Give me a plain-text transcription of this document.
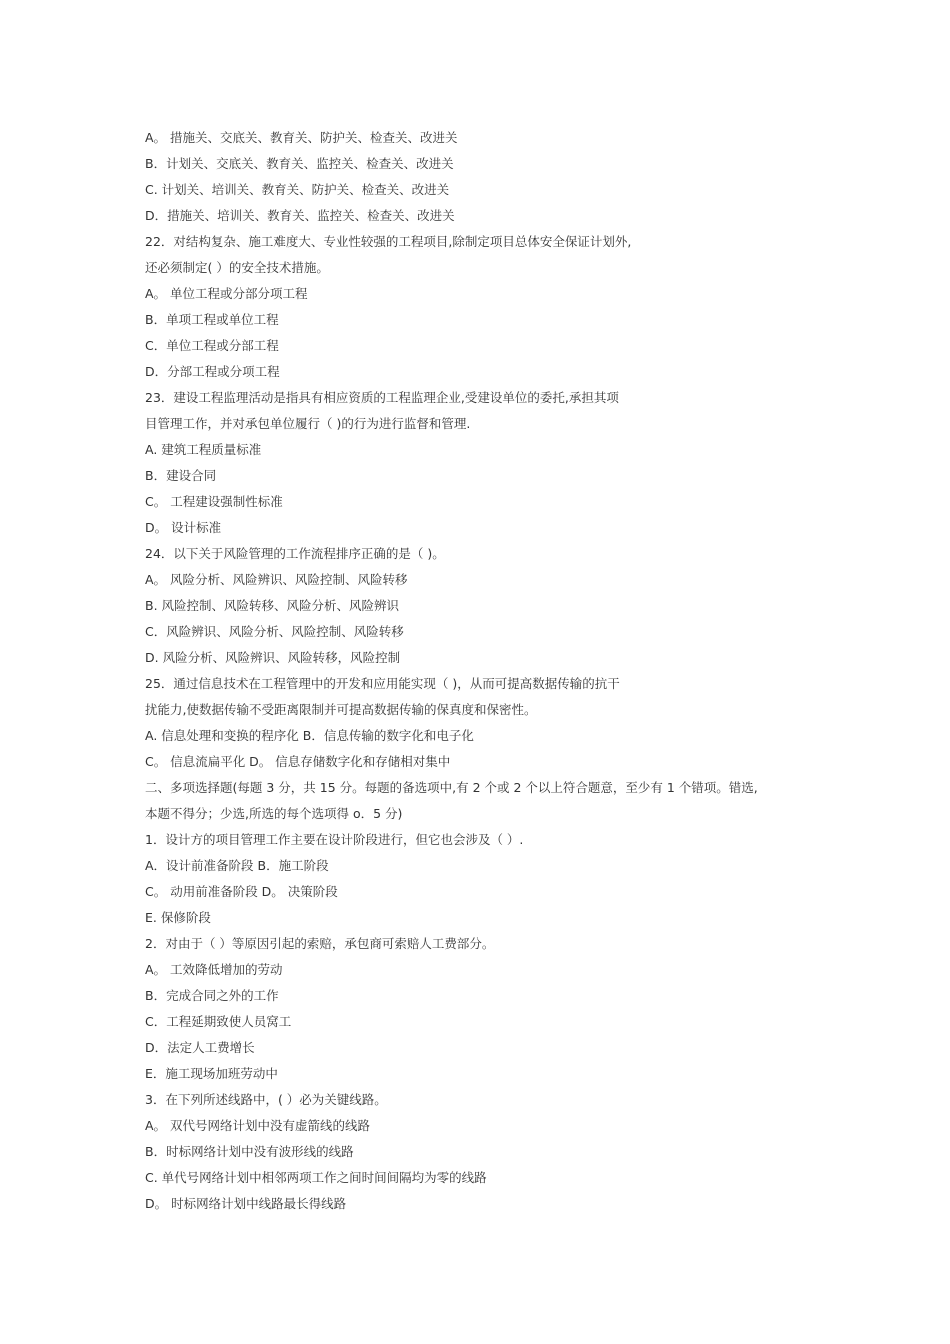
A。 措施关、交底关、教育关、防护关、检查关、改进关
B．计划关、交底关、教育关、监控关、检查关、改进关
C. 计划关、培训关、教育关、防护关、检查关、改进关
D．措施关、培训关、教育关、监控关、检查关、改进关
22．对结构复杂、施工难度大、专业性较强的工程项目,除制定项目总体安全保证计划外,
还必须制定( ）的安全技术措施。
A。 单位工程或分部分项工程
B．单项工程或单位工程
C．单位工程或分部工程
D．分部工程或分项工程
23．建设工程监理活动是指具有相应资质的工程监理企业,受建设单位的委托,承担其项
目管理工作，并对承包单位履行（ )的行为进行监督和管理.
A. 建筑工程质量标准
B．建设合同
C。 工程建设强制性标准
D。 设计标准
24．以下关于风险管理的工作流程排序正确的是（ )。
A。 风险分析、风险辨识、风险控制、风险转移
B. 风险控制、风险转移、风险分析、风险辨识
C．风险辨识、风险分析、风险控制、风险转移
D. 风险分析、风险辨识、风险转移，风险控制
25．通过信息技术在工程管理中的开发和应用能实现（ )，从而可提高数据传输的抗干
扰能力,使数据传输不受距离限制并可提高数据传输的保真度和保密性。
A. 信息处理和变换的程序化 B．信息传输的数字化和电子化
C。 信息流扁平化 D。 信息存储数字化和存储相对集中
二、多项选择题(每题 3 分，共 15 分。每题的备选项中,有 2 个或 2 个以上符合题意，至少有 1 个错项。错选,
本题不得分；少选,所选的每个选项得 o．5 分)
1．设计方的项目管理工作主要在设计阶段进行，但它也会涉及（ ）.
A．设计前准备阶段 B．施工阶段
C。 动用前准备阶段 D。 决策阶段
E. 保修阶段
2．对由于（ ）等原因引起的索赔，承包商可索赔人工费部分。
A。 工效降低增加的劳动
B．完成合同之外的工作
C．工程延期致使人员窝工
D．法定人工费增长
E．施工现场加班劳动中
3．在下列所述线路中，( ）必为关键线路。
A。 双代号网络计划中没有虚箭线的线路
B．时标网络计划中没有波形线的线路
C. 单代号网络计划中相邻两项工作之间时间间隔均为零的线路
D。 时标网络计划中线路最长得线路
